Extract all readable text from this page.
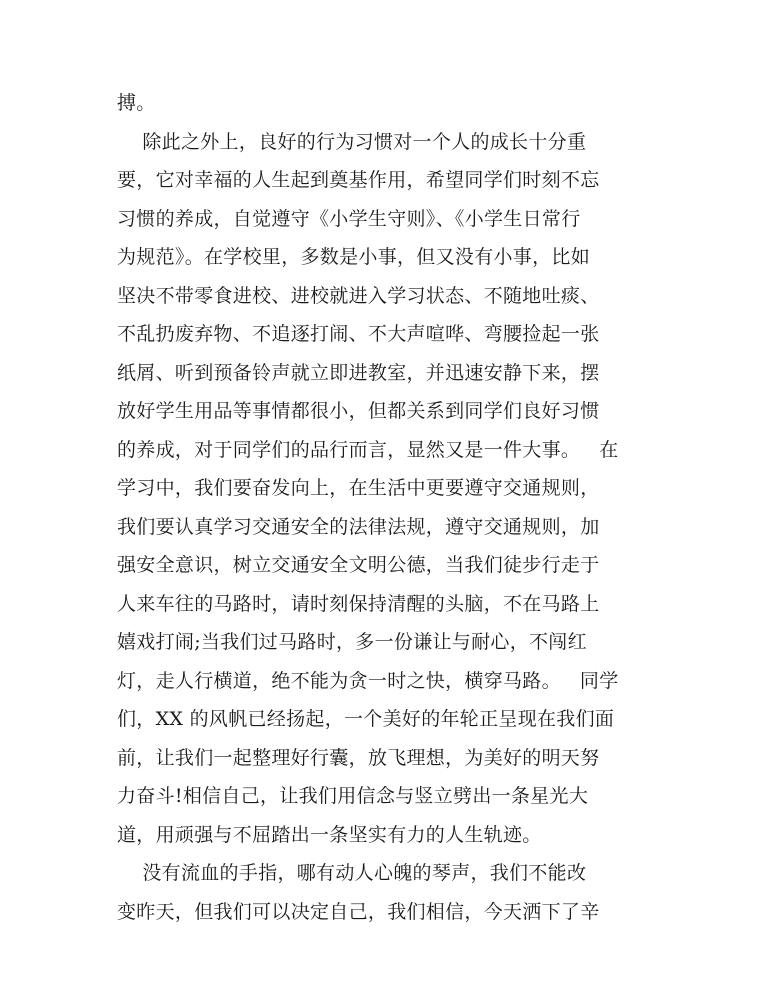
搏。
除此之外上，良好的行为习惯对一个人的成长十分重
要，它对幸福的人生起到奠基作用，希望同学们时刻不忘
习惯的养成，自觉遵守《小学生守则》、《小学生日常行
为规范》。在学校里，多数是小事，但又没有小事，比如
坚决不带零食进校、进校就进入学习状态、不随地吐痰、
不乱扔废弃物、不追逐打闹、不大声喧哗、弯腰捡起一张
纸屑、听到预备铃声就立即进教室，并迅速安静下来，摆
放好学生用品等事情都很小，但都关系到同学们良好习惯
的养成，对于同学们的品行而言，显然又是一件大事。   在
学习中，我们要奋发向上，在生活中更要遵守交通规则，
我们要认真学习交通安全的法律法规，遵守交通规则，加
强安全意识，树立交通安全文明公德，当我们徒步行走于
人来车往的马路时，请时刻保持清醒的头脑，不在马路上
嬉戏打闹;当我们过马路时，多一份谦让与耐心，不闯红
灯，走人行横道，绝不能为贪一时之快，横穿马路。   同学
们，XX 的风帆已经扬起，一个美好的年轮正呈现在我们面
前，让我们一起整理好行囊，放飞理想，为美好的明天努
力奋斗!相信自己，让我们用信念与竖立劈出一条星光大
道，用顽强与不屈踏出一条坚实有力的人生轨迹。
没有流血的手指，哪有动人心魄的琴声，我们不能改
变昨天，但我们可以决定自己，我们相信，今天洒下了辛
